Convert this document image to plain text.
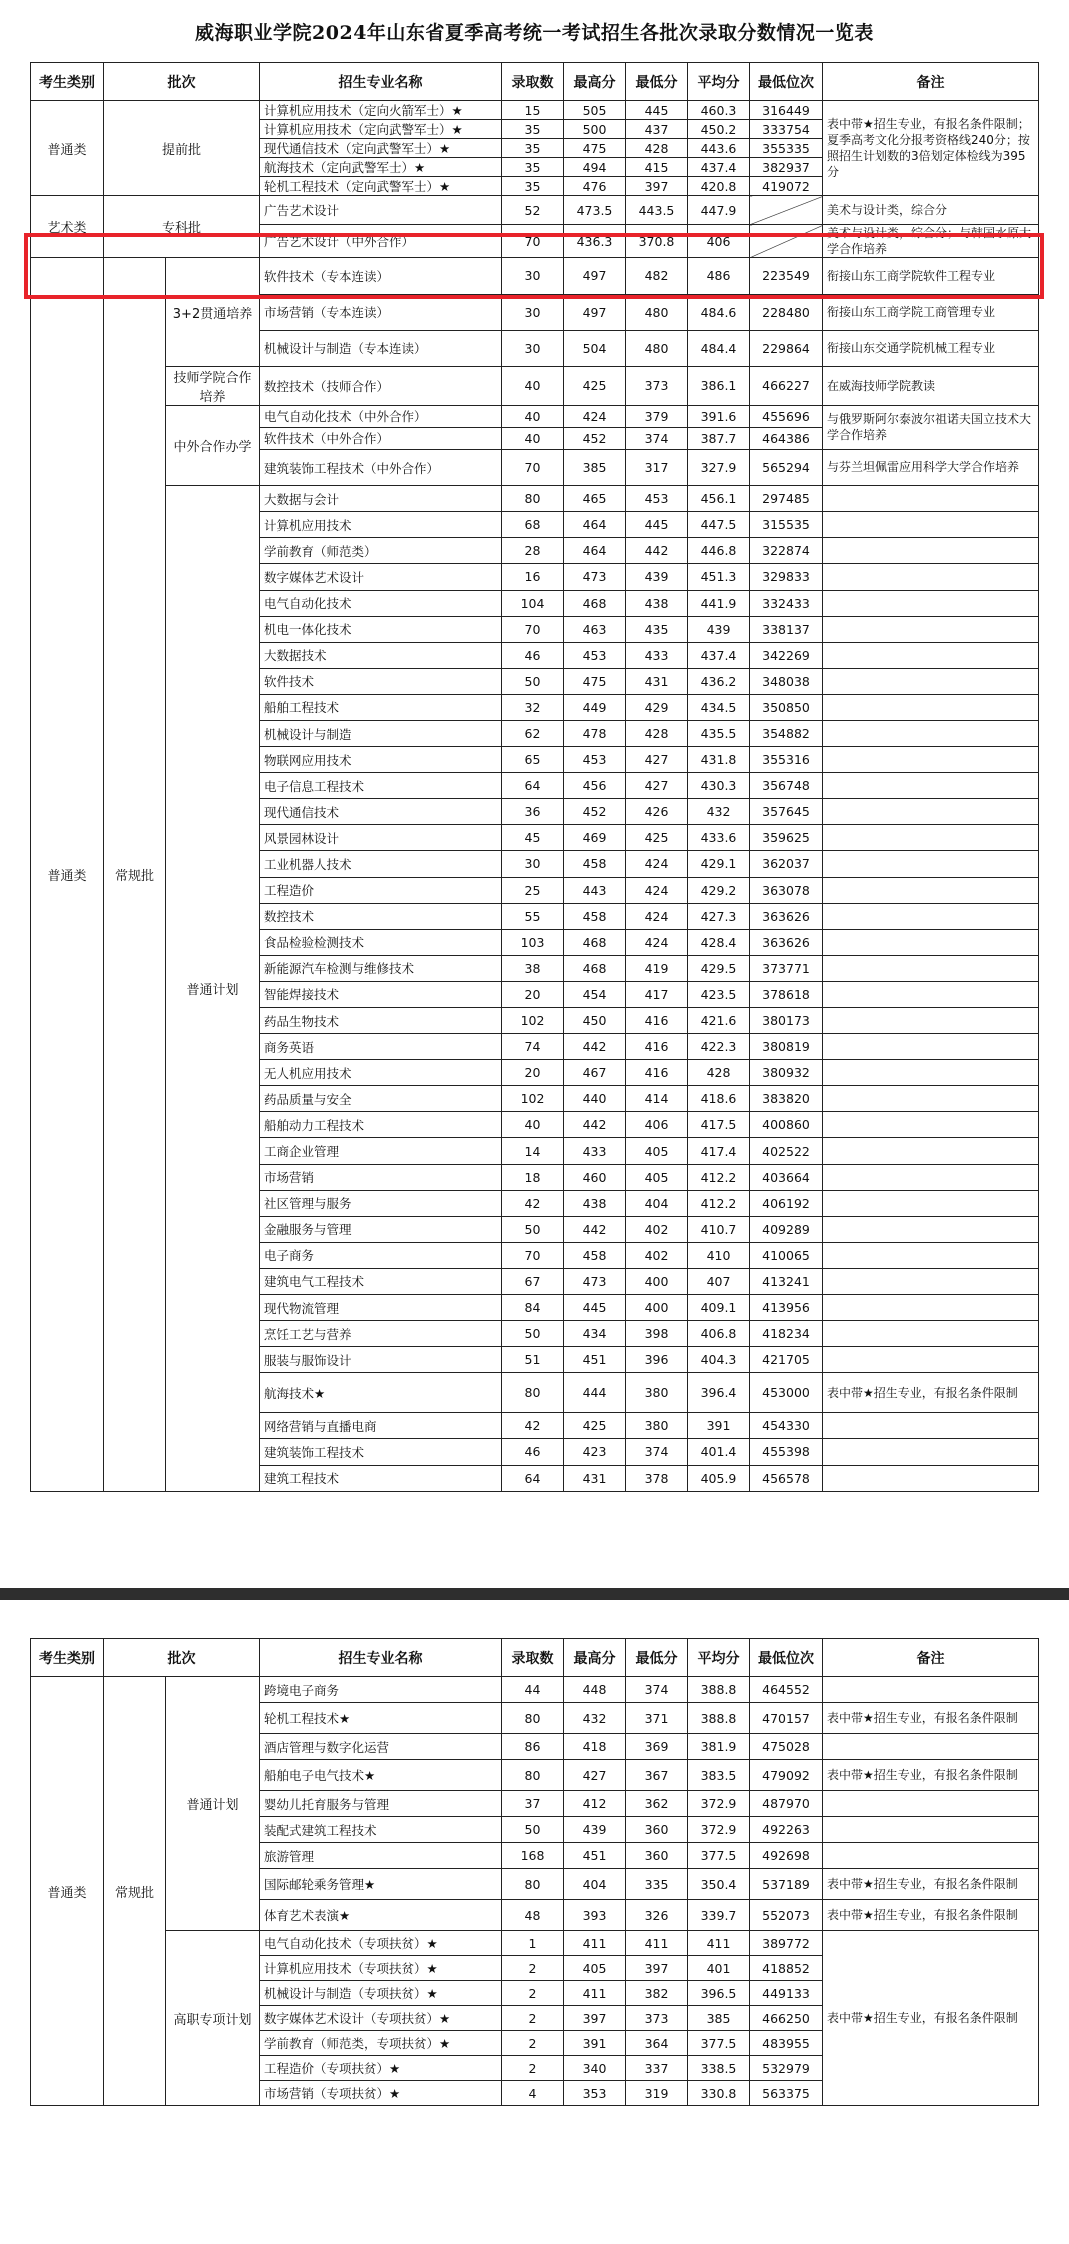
威海职业学院2024年山东省夏季高考统一考试招生各批次录取分数情况一览表
考生类别	批次		招生专业名称	录取数	最高分	最低分	平均分	最低位次	备注
普通类	提前批		计算机应用技术（定向火箭军士）★	15	505	445	460.3	316449	表中带★招生专业，有报名条件限制；夏季高考文化分报考资格线240分；按照招生计划数的3倍划定体检线为395分
			计算机应用技术（定向武警军士）★	35	500	437	450.2	333754	
			现代通信技术（定向武警军士）★	35	475	428	443.6	355335	
			航海技术（定向武警军士）★	35	494	415	437.4	382937	
			轮机工程技术（定向武警军士）★	35	476	397	420.8	419072	
艺术类	专科批		广告艺术设计	52	473.5	443.5	447.9		美术与设计类，综合分
			广告艺术设计（中外合作）	70	436.3	370.8	406		美术与设计类，综合分；与韩国水原大学合作培养
普通类	常规批	3+2贯通培养	软件技术（专本连读）	30	497	482	486	223549	衔接山东工商学院软件工程专业
			市场营销（专本连读）	30	497	480	484.6	228480	衔接山东工商学院工商管理专业
			机械设计与制造（专本连读）	30	504	480	484.4	229864	衔接山东交通学院机械工程专业
		技师学院合作培养	数控技术（技师合作）	40	425	373	386.1	466227	在威海技师学院教读
		中外合作办学	电气自动化技术（中外合作）	40	424	379	391.6	455696	与俄罗斯阿尔泰波尔祖诺夫国立技术大学合作培养
			软件技术（中外合作）	40	452	374	387.7	464386	
			建筑装饰工程技术（中外合作）	70	385	317	327.9	565294	与芬兰坦佩雷应用科学大学合作培养
		普通计划	大数据与会计	80	465	453	456.1	297485	
			计算机应用技术	68	464	445	447.5	315535	
			学前教育（师范类）	28	464	442	446.8	322874	
			数字媒体艺术设计	16	473	439	451.3	329833	
			电气自动化技术	104	468	438	441.9	332433	
			机电一体化技术	70	463	435	439	338137	
			大数据技术	46	453	433	437.4	342269	
			软件技术	50	475	431	436.2	348038	
			船舶工程技术	32	449	429	434.5	350850	
			机械设计与制造	62	478	428	435.5	354882	
			物联网应用技术	65	453	427	431.8	355316	
			电子信息工程技术	64	456	427	430.3	356748	
			现代通信技术	36	452	426	432	357645	
			风景园林设计	45	469	425	433.6	359625	
			工业机器人技术	30	458	424	429.1	362037	
			工程造价	25	443	424	429.2	363078	
			数控技术	55	458	424	427.3	363626	
			食品检验检测技术	103	468	424	428.4	363626	
			新能源汽车检测与维修技术	38	468	419	429.5	373771	
			智能焊接技术	20	454	417	423.5	378618	
			药品生物技术	102	450	416	421.6	380173	
			商务英语	74	442	416	422.3	380819	
			无人机应用技术	20	467	416	428	380932	
			药品质量与安全	102	440	414	418.6	383820	
			船舶动力工程技术	40	442	406	417.5	400860	
			工商企业管理	14	433	405	417.4	402522	
			市场营销	18	460	405	412.2	403664	
			社区管理与服务	42	438	404	412.2	406192	
			金融服务与管理	50	442	402	410.7	409289	
			电子商务	70	458	402	410	410065	
			建筑电气工程技术	67	473	400	407	413241	
			现代物流管理	84	445	400	409.1	413956	
			烹饪工艺与营养	50	434	398	406.8	418234	
			服装与服饰设计	51	451	396	404.3	421705	
			航海技术★	80	444	380	396.4	453000	表中带★招生专业，有报名条件限制
			网络营销与直播电商	42	425	380	391	454330	
			建筑装饰工程技术	46	423	374	401.4	455398	
			建筑工程技术	64	431	378	405.9	456578	
考生类别	批次		招生专业名称	录取数	最高分	最低分	平均分	最低位次	备注
普通类	常规批	普通计划	跨境电子商务	44	448	374	388.8	464552	
			轮机工程技术★	80	432	371	388.8	470157	表中带★招生专业，有报名条件限制
			酒店管理与数字化运营	86	418	369	381.9	475028	
			船舶电子电气技术★	80	427	367	383.5	479092	表中带★招生专业，有报名条件限制
			婴幼儿托育服务与管理	37	412	362	372.9	487970	
			装配式建筑工程技术	50	439	360	372.9	492263	
			旅游管理	168	451	360	377.5	492698	
			国际邮轮乘务管理★	80	404	335	350.4	537189	表中带★招生专业，有报名条件限制
			体育艺术表演★	48	393	326	339.7	552073	表中带★招生专业，有报名条件限制
		高职专项计划	电气自动化技术（专项扶贫）★	1	411	411	411	389772	表中带★招生专业，有报名条件限制
			计算机应用技术（专项扶贫）★	2	405	397	401	418852	
			机械设计与制造（专项扶贫）★	2	411	382	396.5	449133	
			数字媒体艺术设计（专项扶贫）★	2	397	373	385	466250	
			学前教育（师范类，专项扶贫）★	2	391	364	377.5	483955	
			工程造价（专项扶贫）★	2	340	337	338.5	532979	
			市场营销（专项扶贫）★	4	353	319	330.8	563375	
